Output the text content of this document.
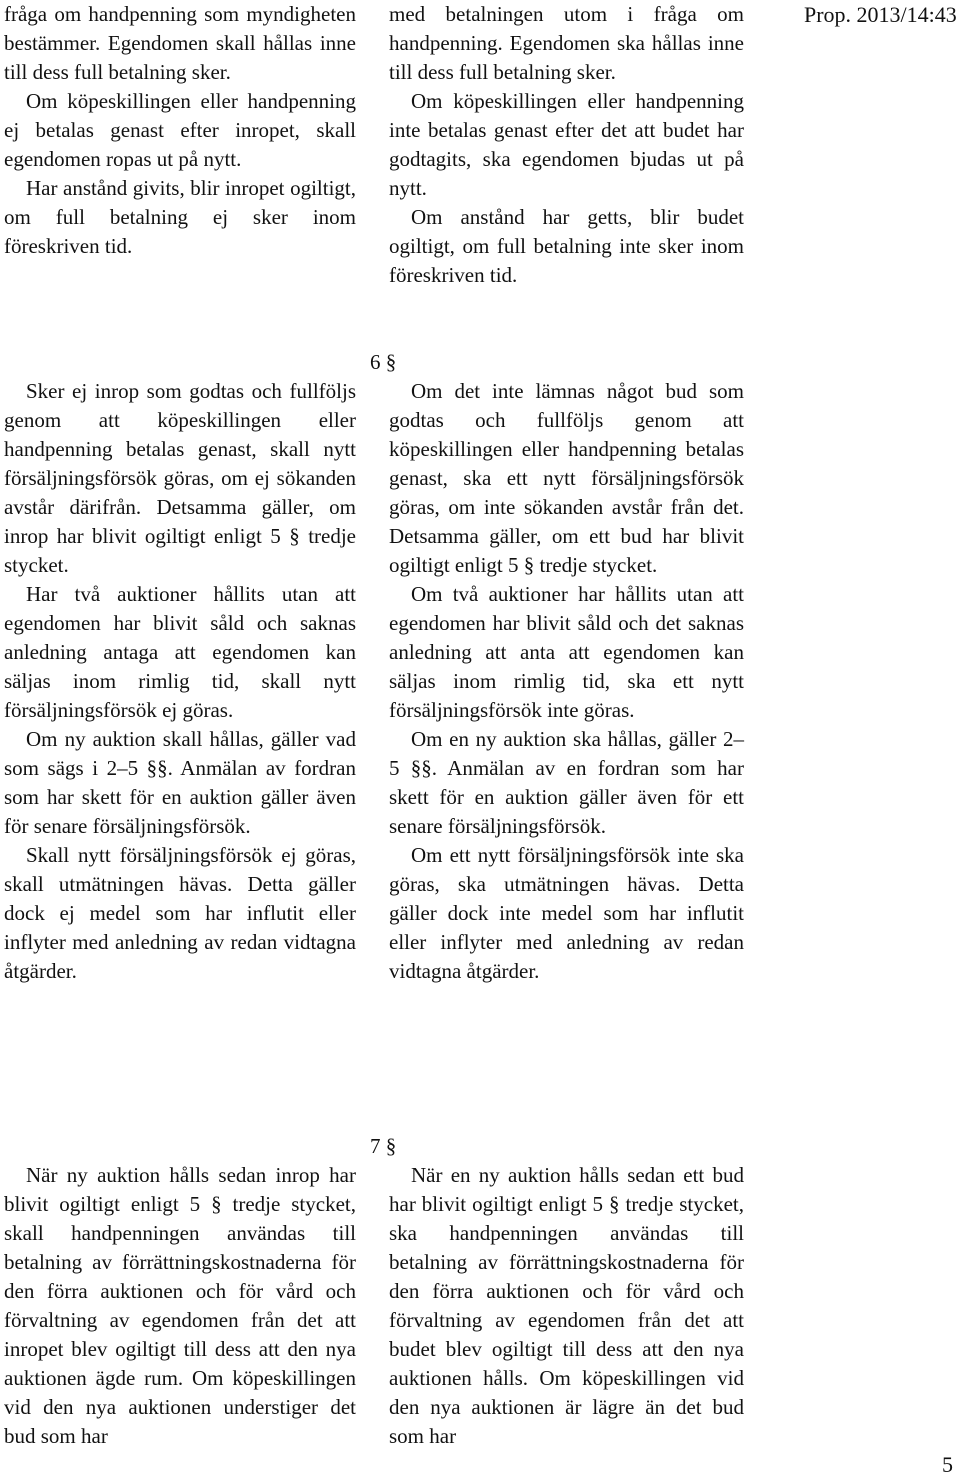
Prop. 2013/14:43

fråga om handpenning som myndigheten bestämmer. Egendomen skall hållas inne till dess full betalning sker.

Om köpeskillingen eller handpenning ej betalas genast efter inropet, skall egendomen ropas ut på nytt.

Har anstånd givits, blir inropet ogiltigt, om full betalning ej sker inom föreskriven tid.

med betalningen utom i fråga om handpenning. Egendomen ska hållas inne till dess full betalning sker.

Om köpeskillingen eller handpenning inte betalas genast efter det att budet har godtagits, ska egendomen bjudas ut på nytt.

Om anstånd har getts, blir budet ogiltigt, om full betalning inte sker inom föreskriven tid.

6 §

Sker ej inrop som godtas och fullföljs genom att köpeskillingen eller handpenning betalas genast, skall nytt försäljningsförsök göras, om ej sökanden avstår därifrån. Detsamma gäller, om inrop har blivit ogiltigt enligt 5 § tredje stycket.

Har två auktioner hållits utan att egendomen har blivit såld och saknas anledning antaga att egendomen kan säljas inom rimlig tid, skall nytt försäljningsförsök ej göras.

Om ny auktion skall hållas, gäller vad som sägs i 2–5 §§. Anmälan av fordran som har skett för en auktion gäller även för senare försäljningsförsök.

Skall nytt försäljningsförsök ej göras, skall utmätningen hävas. Detta gäller dock ej medel som har influtit eller inflyter med anledning av redan vidtagna åtgärder.

Om det inte lämnas något bud som godtas och fullföljs genom att köpeskillingen eller handpenning betalas genast, ska ett nytt försäljningsförsök göras, om inte sökanden avstår från det. Detsamma gäller, om ett bud har blivit ogiltigt enligt 5 § tredje stycket.

Om två auktioner har hållits utan att egendomen har blivit såld och det saknas anledning att anta att egendomen kan säljas inom rimlig tid, ska ett nytt försäljningsförsök inte göras.

Om en ny auktion ska hållas, gäller 2–5 §§. Anmälan av en fordran som har skett för en auktion gäller även för ett senare försäljningsförsök.

Om ett nytt försäljningsförsök inte ska göras, ska utmätningen hävas. Detta gäller dock inte medel som har influtit eller inflyter med anledning av redan vidtagna åtgärder.

7 §

När ny auktion hålls sedan inrop har blivit ogiltigt enligt 5 § tredje stycket, skall handpenningen användas till betalning av förrättningskostnaderna för den förra auktionen och för vård och förvaltning av egendomen från det att inropet blev ogiltigt till dess att den nya auktionen ägde rum. Om köpeskillingen vid den nya auktionen understiger det bud som har

När en ny auktion hålls sedan ett bud har blivit ogiltigt enligt 5 § tredje stycket, ska handpenningen användas till betalning av förrättningskostnaderna för den förra auktionen och för vård och förvaltning av egendomen från det att budet blev ogiltigt till dess att den nya auktionen hålls. Om köpeskillingen vid den nya auktionen är lägre än det bud som har

5
